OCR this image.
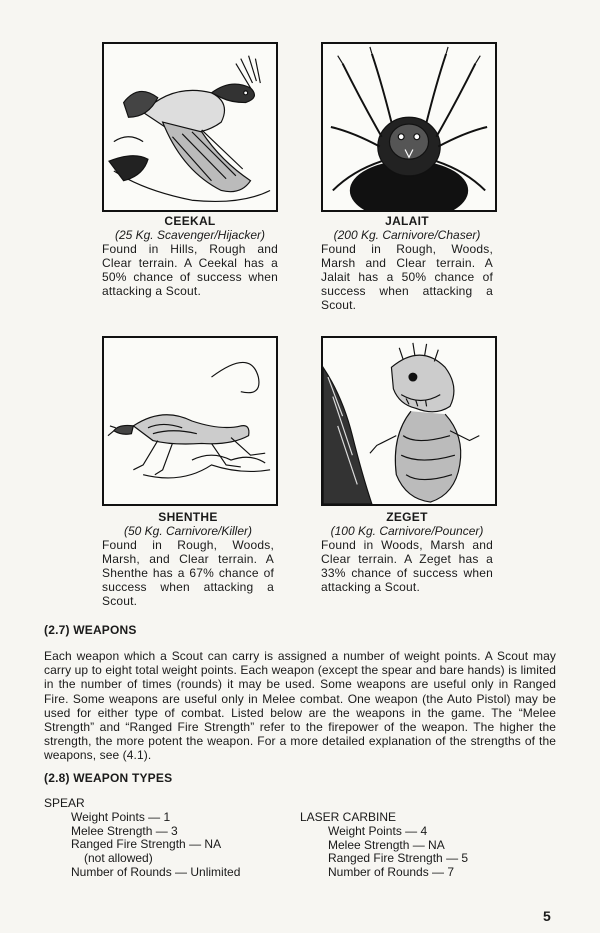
CEEKAL
(25 Kg. Scavenger/Hijacker)
Found in Hills, Rough and Clear terrain. A Ceekal has a 50% chance of success when attacking a Scout.
JALAIT
(200 Kg. Carnivore/Chaser)
Found in Rough, Woods, Marsh and Clear terrain. A Jalait has a 50% chance of success when attacking a Scout.
SHENTHE
(50 Kg. Carnivore/Killer)
Found in Rough, Woods, Marsh, and Clear terrain. A Shenthe has a 67% chance of success when attacking a Scout.
ZEGET
(100 Kg. Carnivore/Pouncer)
Found in Woods, Marsh and Clear terrain. A Zeget has a 33% chance of success when attacking a Scout.
(2.7) WEAPONS
Each weapon which a Scout can carry is assigned a number of weight points. A Scout may carry up to eight total weight points. Each weapon (except the spear and bare hands) is limited in the number of times (rounds) it may be used. Some weapons are useful only in Ranged Fire. Some weapons are useful only in Melee combat. One weapon (the Auto Pistol) may be used for either type of combat. Listed below are the weapons in the game. The “Melee Strength” and “Ranged Fire Strength” refer to the firepower of the weapon. The higher the strength, the more potent the weapon. For a more detailed explanation of the strengths of the weapons, see (4.1).
(2.8) WEAPON TYPES
SPEAR
Weight Points — 1
Melee Strength — 3
Ranged Fire Strength — NA
(not allowed)
Number of Rounds — Unlimited
LASER CARBINE
Weight Points — 4
Melee Strength — NA
Ranged Fire Strength — 5
Number of Rounds — 7
5
